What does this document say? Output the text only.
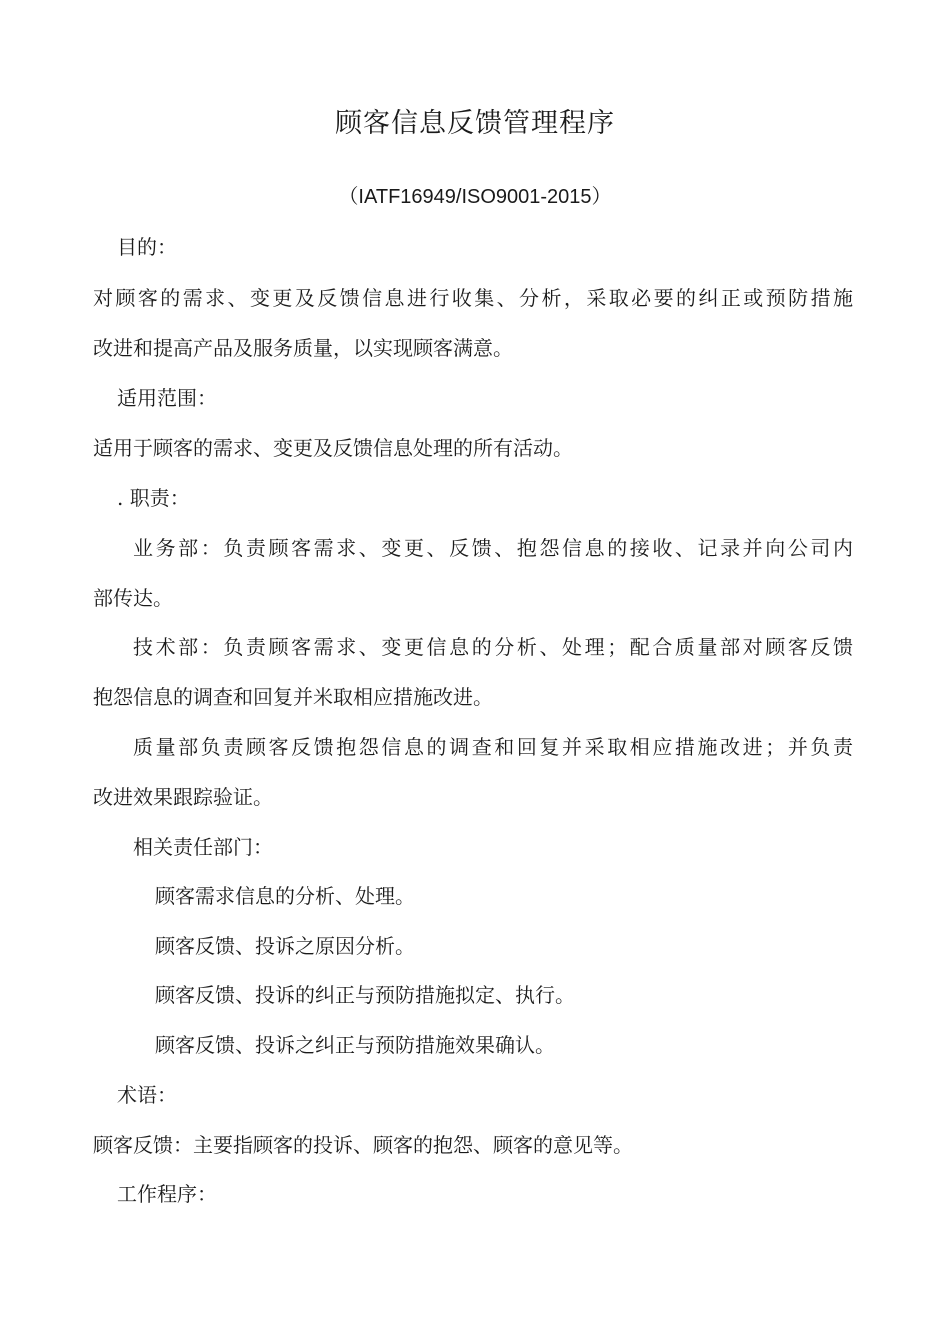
顾客信息反馈管理程序
（IATF16949/ISO9001-2015）
目的：
对顾客的需求、变更及反馈信息进行收集、分析，采取必要的纠正或预防措施
改进和提高产品及服务质量，以实现顾客满意。
适用范围：
适用于顾客的需求、变更及反馈信息处理的所有活动。
. 职责：
业务部：负责顾客需求、变更、反馈、抱怨信息的接收、记录并向公司内
部传达。
技术部：负责顾客需求、变更信息的分析、处理；配合质量部对顾客反馈
抱怨信息的调查和回复并米取相应措施改进。
质量部负责顾客反馈抱怨信息的调查和回复并采取相应措施改进；并负责
改进效果跟踪验证。
相关责任部门：
顾客需求信息的分析、处理。
顾客反馈、投诉之原因分析。
顾客反馈、投诉的纠正与预防措施拟定、执行。
顾客反馈、投诉之纠正与预防措施效果确认。
术语：
顾客反馈：主要指顾客的投诉、顾客的抱怨、顾客的意见等。
工作程序：
